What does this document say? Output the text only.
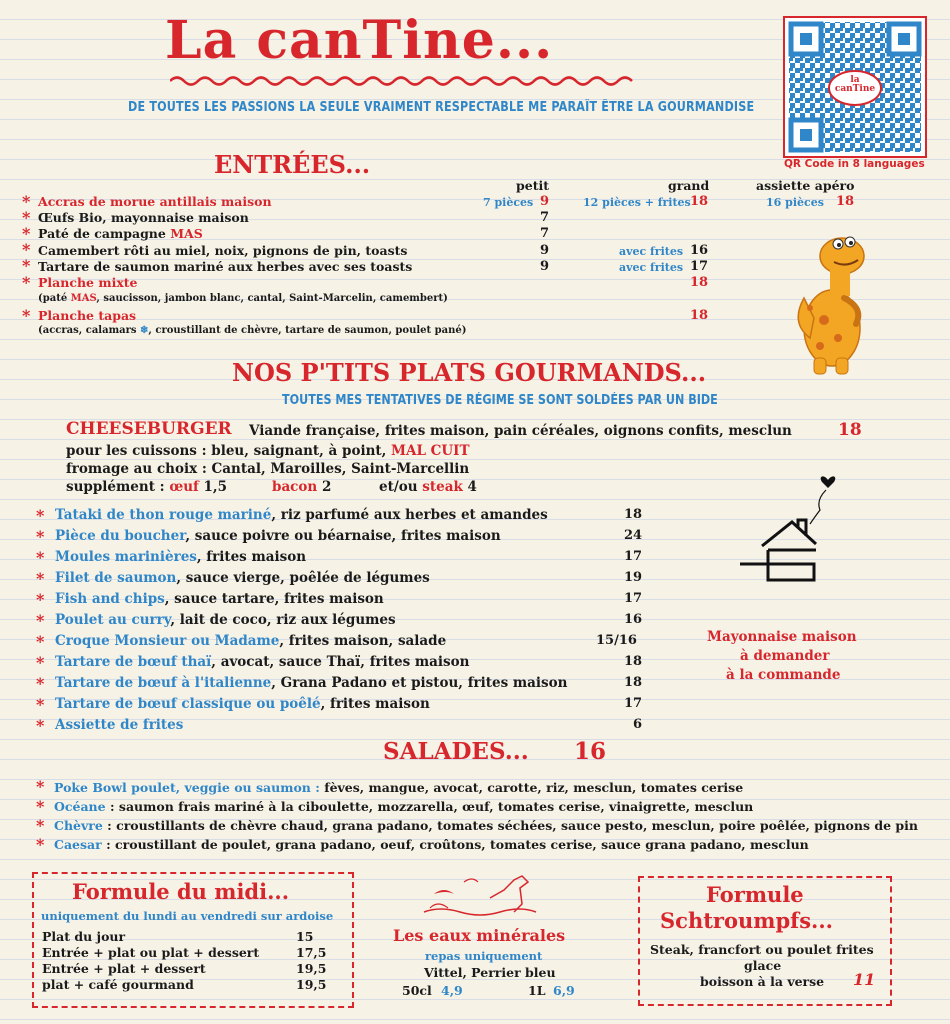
La canTine...
DE TOUTES LES PASSIONS LA SEULE VRAIMENT RESPECTABLE ME PARAÎT ÊTRE LA GOURMANDISE
la canTine
QR Code in 8 languages
ENTRÉES...
petit	grand	assiette apéro
* Accras de morue antillais maison	7 pièces 9	12 pièces + frites 18	16 pièces 18
* Œufs Bio, mayonnaise maison	7
* Paté de campagne MAS	7
* Camembert rôti au miel, noix, pignons de pin, toasts	9	avec frites 16
* Tartare de saumon mariné aux herbes avec ses toasts	9	avec frites 17
* Planche mixte	18
(paté MAS, saucisson, jambon blanc, cantal, Saint-Marcelin, camembert)
* Planche tapas	18
(accras, calamars ❄, croustillant de chèvre, tartare de saumon, poulet pané)
NOS P'TITS PLATS GOURMANDS...
TOUTES MES TENTATIVES DE RÉGIME SE SONT SOLDÉES PAR UN BIDE
CHEESEBURGER Viande française, frites maison, pain céréales, oignons confits, mesclun	18
pour les cuissons : bleu, saignant, à point, MAL CUIT
fromage au choix : Cantal, Maroilles, Saint-Marcellin
supplément : œuf 1,5	bacon 2	et/ou steak 4
* Tataki de thon rouge mariné, riz parfumé aux herbes et amandes	18
* Pièce du boucher, sauce poivre ou béarnaise, frites maison	24
* Moules marinières, frites maison	17
* Filet de saumon, sauce vierge, poêlée de légumes	19
* Fish and chips, sauce tartare, frites maison	17
* Poulet au curry, lait de coco, riz aux légumes	16
* Croque Monsieur ou Madame, frites maison, salade	15/16
* Tartare de bœuf thaï, avocat, sauce Thaï, frites maison	18
* Tartare de bœuf à l'italienne, Grana Padano et pistou, frites maison	18
* Tartare de bœuf classique ou poêlé, frites maison	17
* Assiette de frites	6
Mayonnaise maison
à demander
à la commande
SALADES... 16
* Poke Bowl poulet, veggie ou saumon : fèves, mangue, avocat, carotte, riz, mesclun, tomates cerise
* Océane : saumon frais mariné à la ciboulette, mozzarella, œuf, tomates cerise, vinaigrette, mesclun
* Chèvre : croustillants de chèvre chaud, grana padano, tomates séchées, sauce pesto, mesclun, poire poêlée, pignons de pin
* Caesar : croustillant de poulet, grana padano, oeuf, croûtons, tomates cerise, sauce grana padano, mesclun
Formule du midi...
uniquement du lundi au vendredi sur ardoise
Plat du jour	15
Entrée + plat ou plat + dessert	17,5
Entrée + plat + dessert	19,5
plat + café gourmand	19,5
Les eaux minérales
repas uniquement
Vittel, Perrier bleu
50cl 4,9	1L 6,9
Formule
Schtroumpfs...
Steak, francfort ou poulet frites
glace
boisson à la verse 11
